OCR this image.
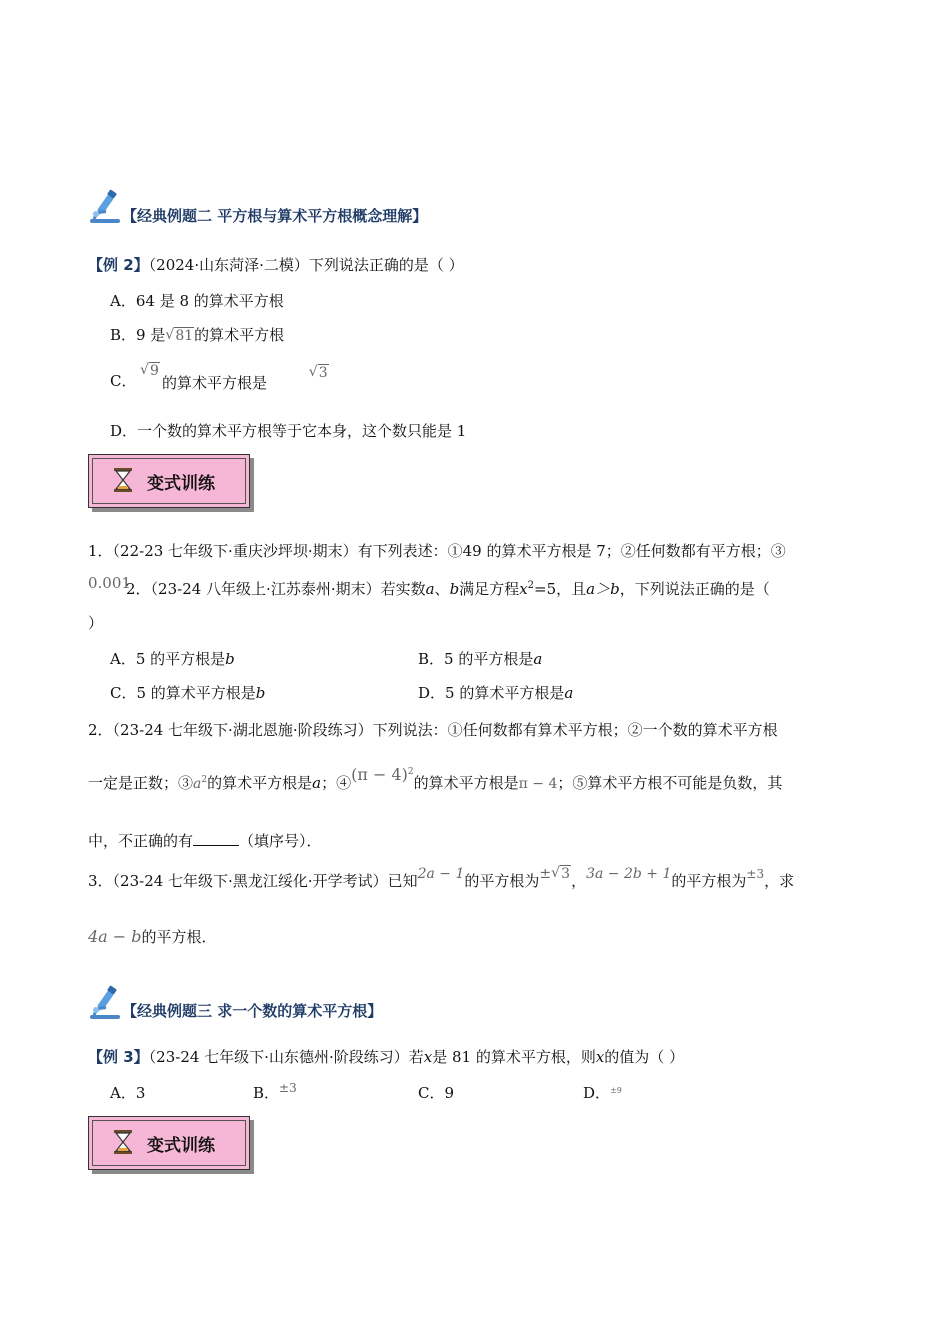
【经典例题二 平方根与算术平方根概念理解】
【例 2】（2024·山东菏泽·二模）下列说法正确的是（ ）
A．64 是 8 的算术平方根
B．9 是 √ 81的算术平方根
C．
√ 9
的算术平方根是
√ 3
D．一个数的算术平方根等于它本身，这个数只能是 1
变式训练
1．（22-23 七年级下·重庆沙坪坝·期末）有下列表述：①49 的算术平方根是 7；②任何数都有平方根；③
0.001
2．（23-24 八年级上·江苏泰州·期末）若实数a、b满足方程$x^2=5$，且a＞b，下列说法正确的是（
）
A．5 的平方根是b	B．5 的平方根是a
C．5 的算术平方根是b	D．5 的算术平方根是a
2．（23-24 七年级下·湖北恩施·阶段练习）下列说法：①任何数都有算术平方根；②一个数的算术平方根
一定是正数；$③a^2$的算术平方根是a；④(π − 4)$^2$的算术平方根是π − 4；⑤算术平方根不可能是负数，其
中，不正确的有	（填序号）．
3．（23-24 七年级下·黑龙江绥化·开学考试）已知2a − 1的平方根为± √ 3，3a − 2b + 1的平方根为$^{\pm 3}$，求
4a − b的平方根．
【经典例题三 求一个数的算术平方根】
【例 3】（23-24 七年级下·山东德州·阶段练习）若x是 81 的算术平方根，则x的值为（ ）
A．3	B．$^{\pm 3}$	C．9	D．$^{\pm 9}$
变式训练
